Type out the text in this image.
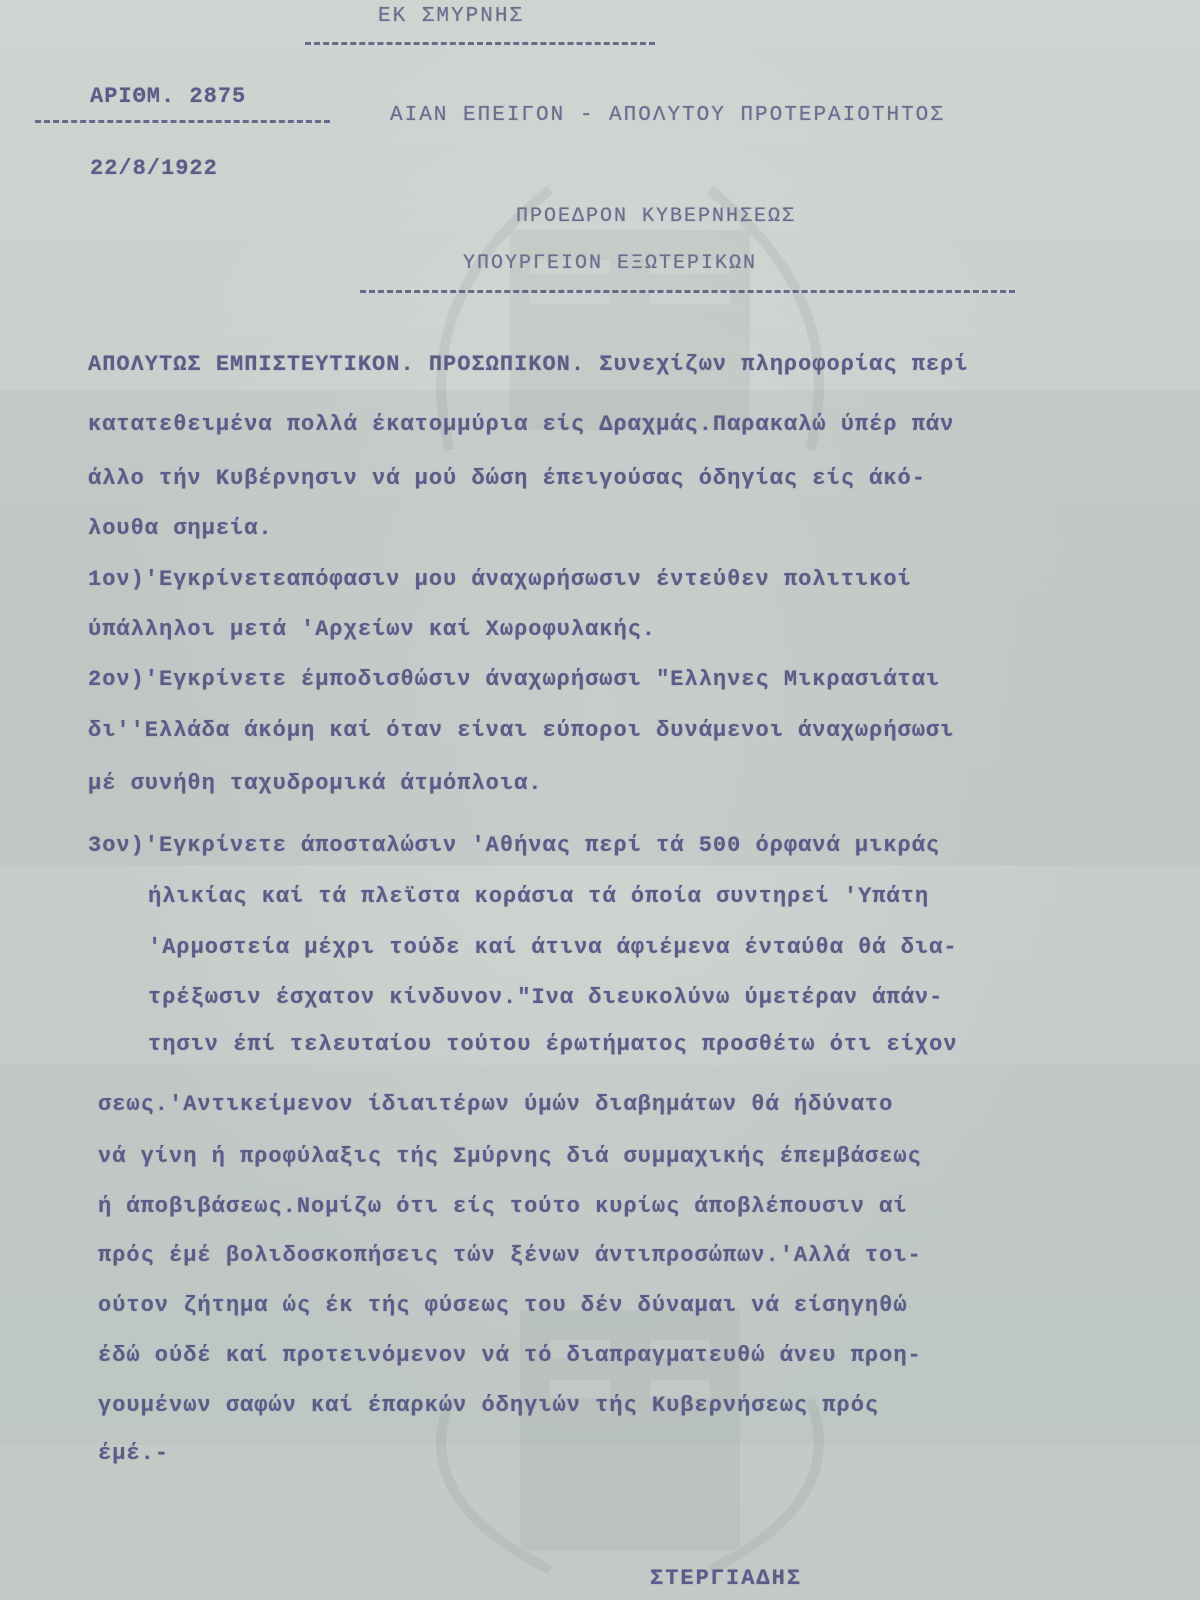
ΕΚ ΣΜΥΡΝΗΣ
ΑΡΙΘΜ. 2875
ΑΙΑΝ ΕΠΕΙΓΟΝ - ΑΠΟΛΥΤΟΥ ΠΡΟΤΕΡΑΙΟΤΗΤΟΣ
22/8/1922
ΠΡΟΕΔΡΟΝ ΚΥΒΕΡΝΗΣΕΩΣ
ΥΠΟΥΡΓΕΙΟΝ ΕΞΩΤΕΡΙΚΩΝ
ΑΠΟΛΥΤΩΣ ΕΜΠΙΣΤΕΥΤΙΚΟΝ. ΠΡΟΣΩΠΙΚΟΝ. Συνεχίζων πληροφορίας περί
κατατεθειμένα πολλά έκατομμύρια είς Δραχμάς.Παρακαλώ ύπέρ πάν
άλλο τήν Κυβέρνησιν νά μού δώση έπειγούσας όδηγίας είς άκό-
λουθα σημεία.
1ον)'Εγκρίνετεαπόφασιν μου άναχωρήσωσιν έντεύθεν πολιτικοί
ύπάλληλοι μετά 'Αρχείων καί Χωροφυλακής.
2ον)'Εγκρίνετε έμποδισθώσιν άναχωρήσωσι "Ελληνες Μικρασιάται
δι''Ελλάδα άκόμη καί όταν είναι εύποροι δυνάμενοι άναχωρήσωσι
μέ συνήθη ταχυδρομικά άτμόπλοια.
3ον)'Εγκρίνετε άποσταλώσιν 'Αθήνας περί τά 500 όρφανά μικράς
ήλικίας καί τά πλεϊστα κοράσια τά όποία συντηρεί 'Υπάτη
'Αρμοστεία μέχρι τούδε καί άτινα άφιέμενα ένταύθα θά δια-
τρέξωσιν έσχατον κίνδυνον."Ινα διευκολύνω ύμετέραν άπάν-
τησιν έπί τελευταίου τούτου έρωτήματος προσθέτω ότι είχον
σεως.'Αντικείμενον ίδιαιτέρων ύμών διαβημάτων θά ήδύνατο
νά γίνη ή προφύλαξις τής Σμύρνης διά συμμαχικής έπεμβάσεως
ή άποβιβάσεως.Νομίζω ότι είς τούτο κυρίως άποβλέπουσιν αί
πρός έμέ βολιδοσκοπήσεις τών ξένων άντιπροσώπων.'Αλλά τοι-
ούτον ζήτημα ώς έκ τής φύσεως του δέν δύναμαι νά είσηγηθώ
έδώ ούδέ καί προτεινόμενον νά τό διαπραγματευθώ άνευ προη-
γουμένων σαφών καί έπαρκών όδηγιών τής Κυβερνήσεως πρός
έμέ.-
ΣΤΕΡΓΙΑΔΗΣ
